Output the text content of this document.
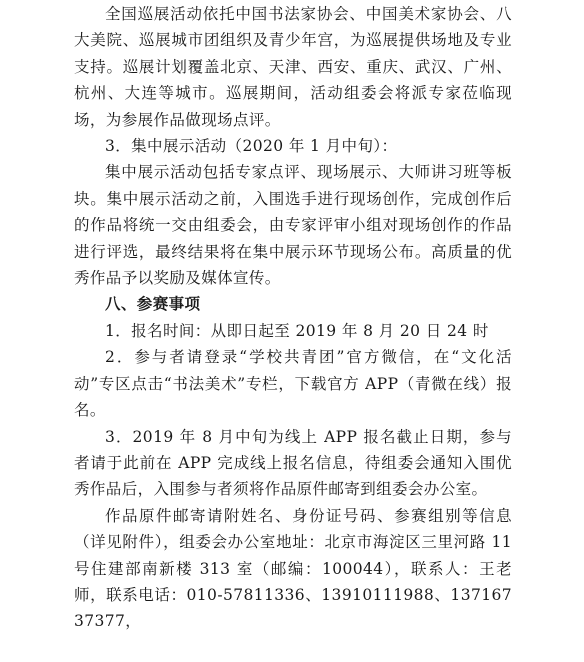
全国巡展活动依托中国书法家协会、中国美术家协会、八大美院、巡展城市团组织及青少年宫，为巡展提供场地及专业支持。巡展计划覆盖北京、天津、西安、重庆、武汉、广州、杭州、大连等城市。巡展期间，活动组委会将派专家莅临现场，为参展作品做现场点评。

3．集中展示活动（2020 年 1 月中旬）：

集中展示活动包括专家点评、现场展示、大师讲习班等板块。集中展示活动之前，入围选手进行现场创作，完成创作后的作品将统一交由组委会，由专家评审小组对现场创作的作品进行评选，最终结果将在集中展示环节现场公布。高质量的优秀作品予以奖励及媒体宣传。

八、参赛事项

1．报名时间：从即日起至 2019 年 8 月 20 日 24 时

2．参与者请登录“学校共青团”官方微信，在“文化活动”专区点击“书法美术”专栏，下载官方 APP（青微在线）报名。

3．2019 年 8 月中旬为线上 APP 报名截止日期，参与者请于此前在 APP 完成线上报名信息，待组委会通知入围优秀作品后，入围参与者须将作品原件邮寄到组委会办公室。

作品原件邮寄请附姓名、身份证号码、参赛组别等信息（详见附件），组委会办公室地址：北京市海淀区三里河路 11 号住建部南新楼 313 室（邮编：100044），联系人：王老师，联系电话：010-57811336、13910111988、13716737377，
